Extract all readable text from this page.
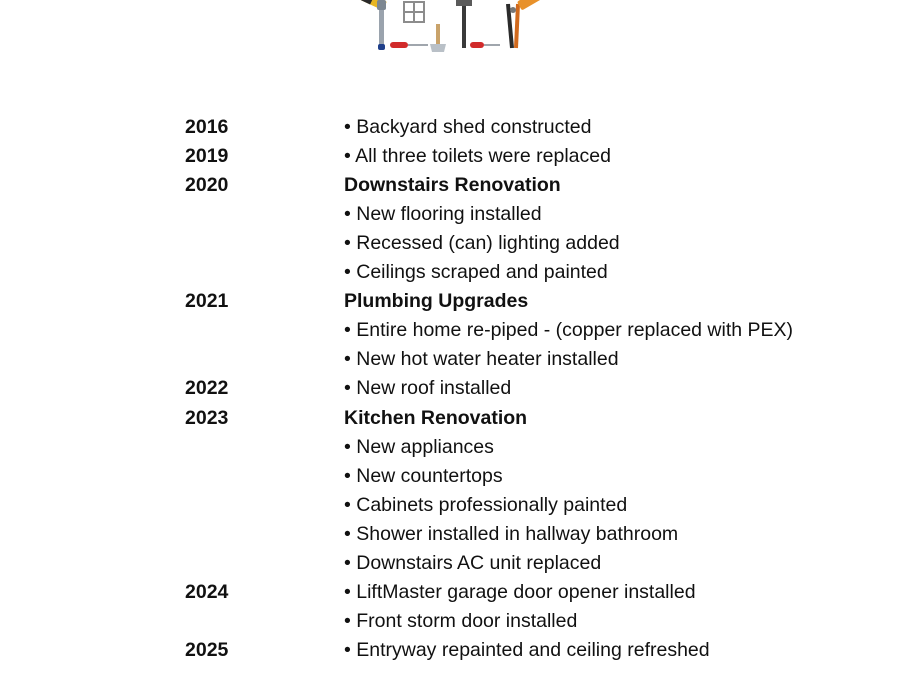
2016	• Backyard shed constructed
2019	• All three toilets were replaced
2020	Downstairs Renovation
• New flooring installed
• Recessed (can) lighting added
• Ceilings scraped and painted
2021	Plumbing Upgrades
• Entire home re-piped - (copper replaced with PEX)
• New hot water heater installed
2022	• New roof installed
2023	Kitchen Renovation
• New appliances
• New countertops
• Cabinets professionally painted
• Shower installed in hallway bathroom
• Downstairs AC unit replaced
2024	• LiftMaster garage door opener installed
• Front storm door installed
2025	• Entryway repainted and ceiling refreshed
